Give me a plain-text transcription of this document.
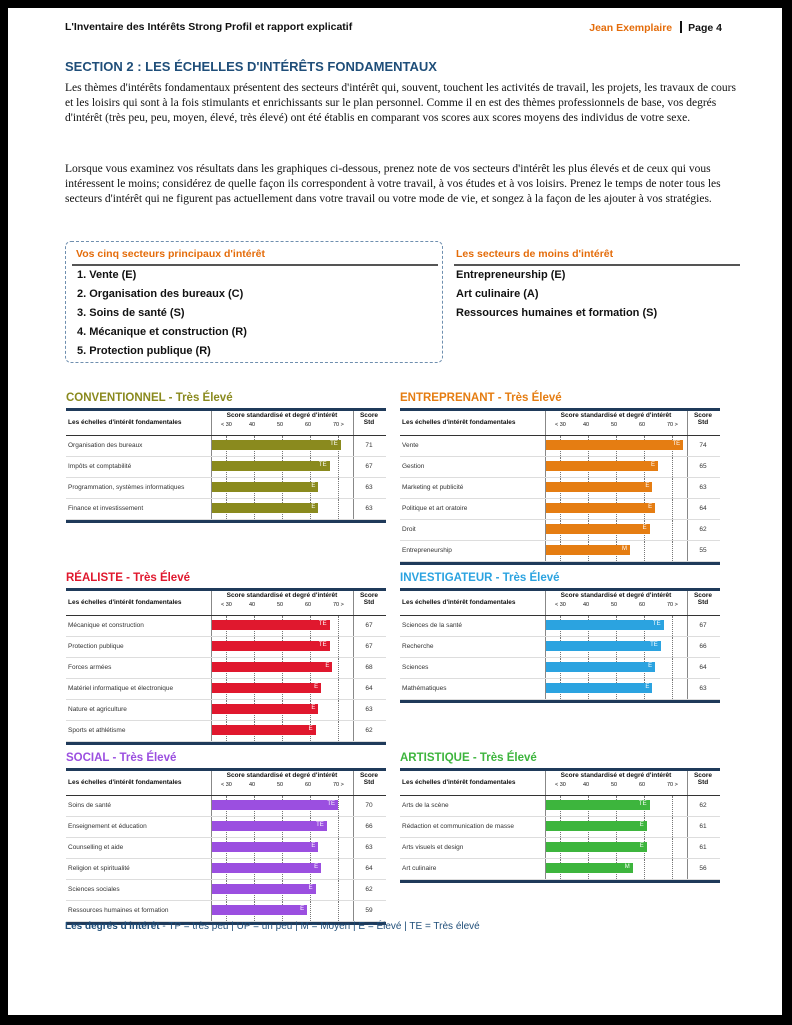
L'Inventaire des Intérêts Strong Profil et rapport explicatif	Jean Exemplaire Page 4
SECTION 2 : LES ÉCHELLES D'INTÉRÊTS FONDAMENTAUX

Les thèmes d'intérêts fondamentaux présentent des secteurs d'intérêt qui, souvent, touchent les activités de travail, les projets, les travaux de cours et les loisirs qui sont à la fois stimulants et enrichissants sur le plan personnel. Comme il en est des thèmes professionnels de base, vos degrés d'intérêt (très peu, peu, moyen, élevé, très élevé) ont été établis en comparant vos scores aux scores moyens des individus de votre sexe.

Lorsque vous examinez vos résultats dans les graphiques ci-dessous, prenez note de vos secteurs d'intérêt les plus élevés et de ceux qui vous intéressent le moins; considérez de quelle façon ils correspondent à votre travail, à vos études et à vos loisirs. Prenez le temps de noter tous les secteurs d'intérêt qui ne figurent pas actuellement dans votre travail ou votre mode de vie, et songez à la façon de les ajouter à vos stratégies.

Vos cinq secteurs principaux d'intérêt
1. Vente (E)
2. Organisation des bureaux (C)
3. Soins de santé (S)
4. Mécanique et construction (R)
5. Protection publique (R)
Les secteurs de moins d'intérêt
Entrepreneurship (E)
Art culinaire (A)
Ressources humaines et formation (S)
CONVENTIONNEL - Très Élevé
Les échelles d'intérêt fondamentales
Score standardisé et degré d'intérêt	Score
Std
< 30	40	50	60	70 >
Organisation des bureaux	TE	71
Impôts et comptabilité	TE	67
Programmation, systèmes informatiques	E	63
Finance et investissement	E	63
ENTREPRENANT - Très Élevé
Les échelles d'intérêt fondamentales
Score standardisé et degré d'intérêt	Score
Std
< 30	40	50	60	70 >
Vente	TE	74
Gestion	E	65
Marketing et publicité	E	63
Politique et art oratoire	E	64
Droit	E	62
Entrepreneurship	M	55
RÉALISTE - Très Élevé
Les échelles d'intérêt fondamentales
Score standardisé et degré d'intérêt	Score
Std
< 30	40	50	60	70 >
Mécanique et construction	TE	67
Protection publique	TE	67
Forces armées	E	68
Matériel informatique et électronique	E	64
Nature et agriculture	E	63
Sports et athlétisme	E	62
INVESTIGATEUR - Très Élevé
Les échelles d'intérêt fondamentales
Score standardisé et degré d'intérêt	Score
Std
< 30	40	50	60	70 >
Sciences de la santé	TE	67
Recherche	TE	66
Sciences	E	64
Mathématiques	E	63
SOCIAL - Très Élevé
Les échelles d'intérêt fondamentales
Score standardisé et degré d'intérêt	Score
Std
< 30	40	50	60	70 >
Soins de santé	TE	70
Enseignement et éducation	TE	66
Counselling et aide	E	63
Religion et spiritualité	E	64
Sciences sociales	E	62
Ressources humaines et formation	E	59
ARTISTIQUE - Très Élevé
Les échelles d'intérêt fondamentales
Score standardisé et degré d'intérêt	Score
Std
< 30	40	50	60	70 >
Arts de la scène	TE	62
Rédaction et communication de masse	E	61
Arts visuels et design	E	61
Art culinaire	M	56
Les degrés d'intérêt - TP = très peu | UP = un peu | M = Moyen | E = Élevé | TE = Très élevé
